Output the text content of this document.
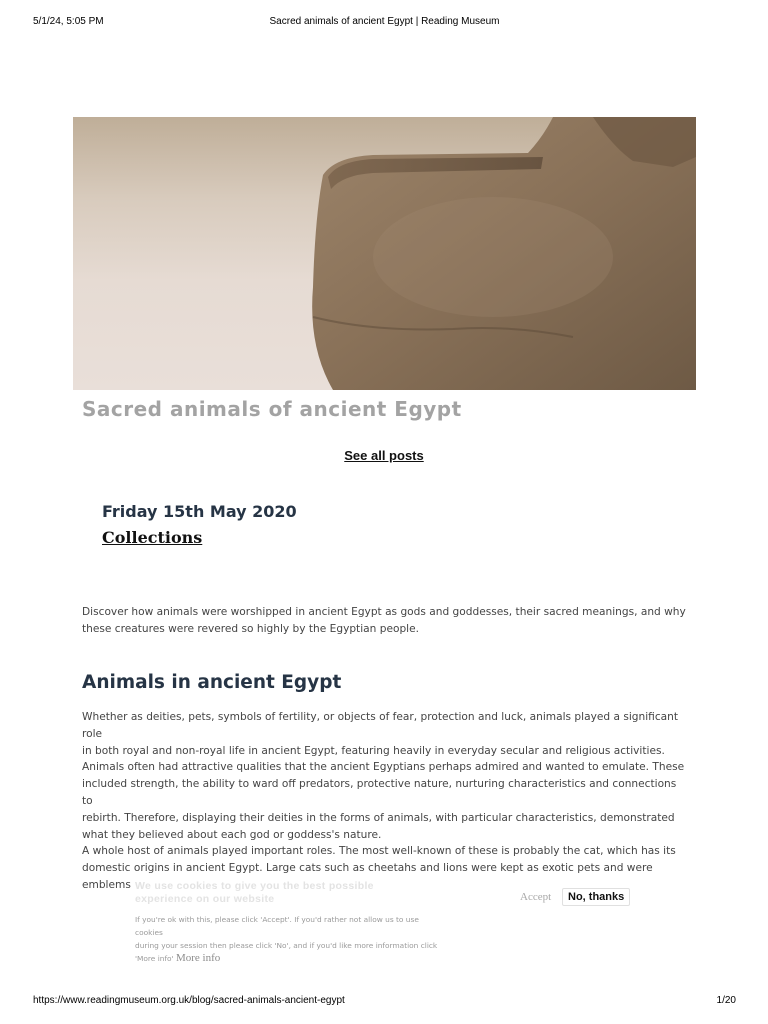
5/1/24, 5:05 PM	Sacred animals of ancient Egypt | Reading Museum
Sacred animals of ancient Egypt
See all posts
Friday 15th May 2020
Collections
Discover how animals were worshipped in ancient Egypt as gods and goddesses, their sacred meanings, and why
these creatures were revered so highly by the Egyptian people.
Animals in ancient Egypt
Whether as deities, pets, symbols of fertility, or objects of fear, protection and luck, animals played a significant role
in both royal and non-royal life in ancient Egypt, featuring heavily in everyday secular and religious activities.
Animals often had attractive qualities that the ancient Egyptians perhaps admired and wanted to emulate. These
included strength, the ability to ward off predators, protective nature, nurturing characteristics and connections to
rebirth. Therefore, displaying their deities in the forms of animals, with particular characteristics, demonstrated
what they believed about each god or goddess's nature.
A whole host of animals played important roles. The most well-known of these is probably the cat, which has its
domestic origins in ancient Egypt. Large cats such as cheetahs and lions were kept as exotic pets and were emblems We use cookies to give you the best possible
experience on our website
If you're ok with this, please click 'Accept'. If you'd rather not allow us to use cookies
during your session then please click 'No', and if you'd like more information click
'More info' More info
Accept	No, thanks
https://www.readingmuseum.org.uk/blog/sacred-animals-ancient-egypt	1/20
